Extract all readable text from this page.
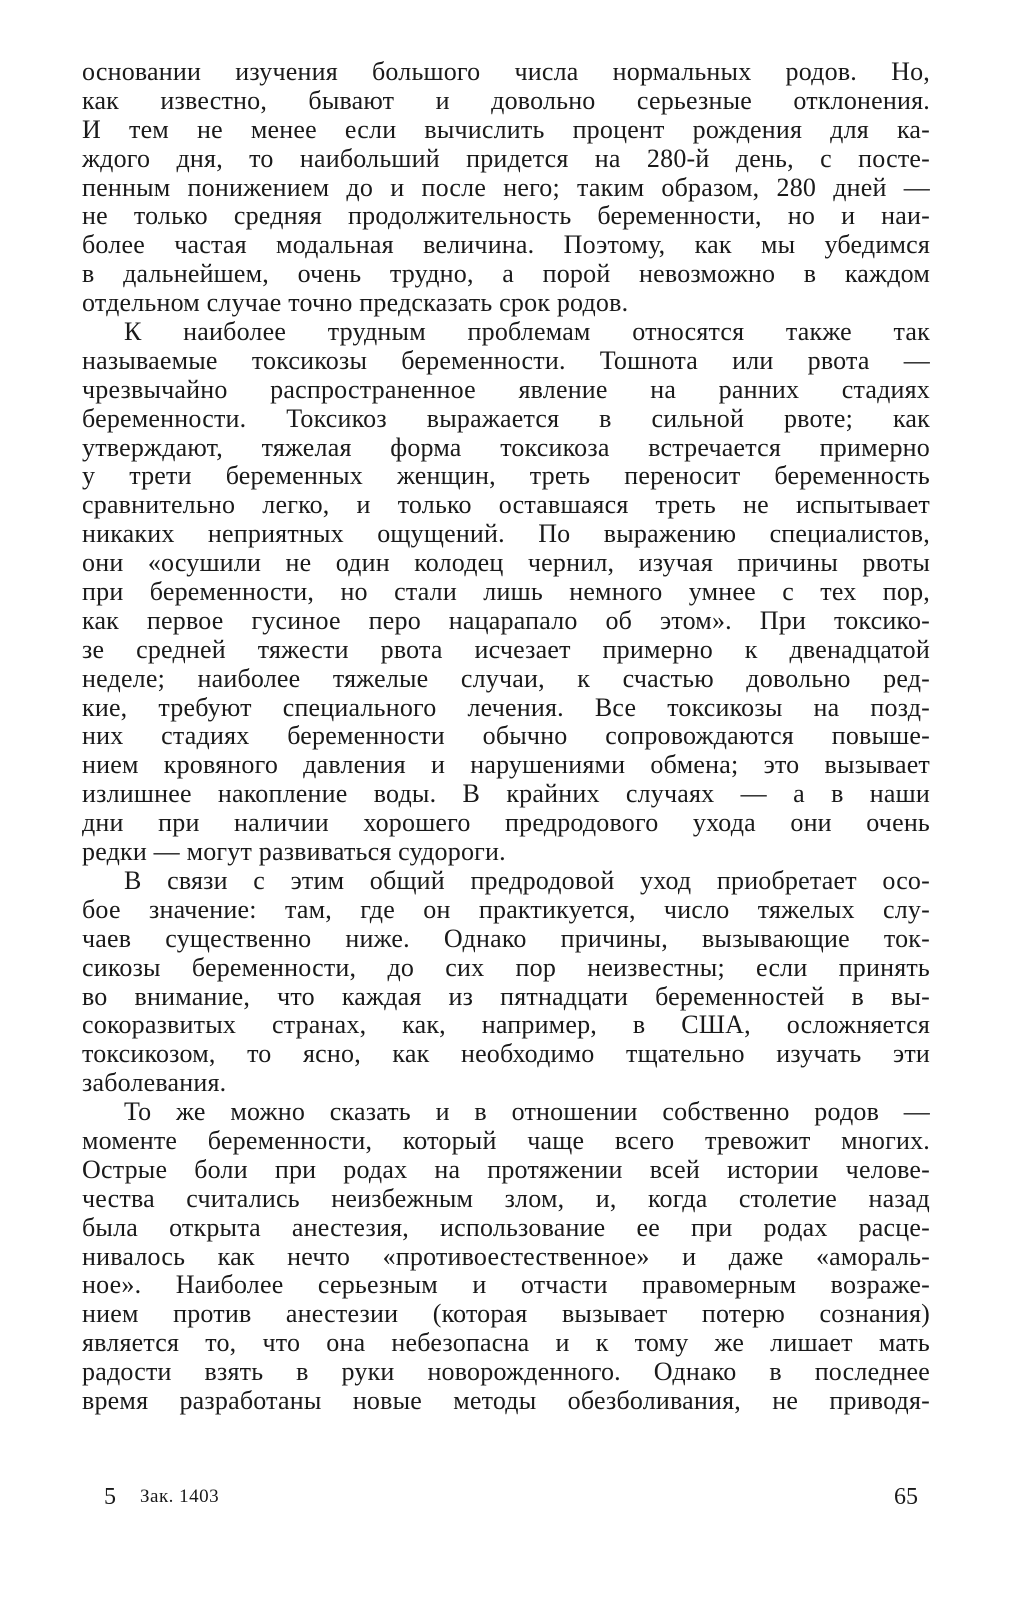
основании изучения большого числа нормальных родов. Но,
как известно, бывают и довольно серьезные отклонения.
И тем не менее если вычислить процент рождения для ка-
ждого дня, то наибольший придется на 280-й день, с посте-
пенным понижением до и после него; таким образом, 280 дней —
не только средняя продолжительность беременности, но и наи-
более частая модальная величина. Поэтому, как мы убедимся
в дальнейшем, очень трудно, а порой невозможно в каждом
отдельном случае точно предсказать срок родов.
К наиболее трудным проблемам относятся также так
называемые токсикозы беременности. Тошнота или рвота —
чрезвычайно распространенное явление на ранних стадиях
беременности. Токсикоз выражается в сильной рвоте; как
утверждают, тяжелая форма токсикоза встречается примерно
у трети беременных женщин, треть переносит беременность
сравнительно легко, и только оставшаяся треть не испытывает
никаких неприятных ощущений. По выражению специалистов,
они «осушили не один колодец чернил, изучая причины рвоты
при беременности, но стали лишь немного умнее с тех пор,
как первое гусиное перо нацарапало об этом». При токсико-
зе средней тяжести рвота исчезает примерно к двенадцатой
неделе; наиболее тяжелые случаи, к счастью довольно ред-
кие, требуют специального лечения. Все токсикозы на позд-
них стадиях беременности обычно сопровождаются повыше-
нием кровяного давления и нарушениями обмена; это вызывает
излишнее накопление воды. В крайних случаях — а в наши
дни при наличии хорошего предродового ухода они очень
редки — могут развиваться судороги.
В связи с этим общий предродовой уход приобретает осо-
бое значение: там, где он практикуется, число тяжелых слу-
чаев существенно ниже. Однако причины, вызывающие ток-
сикозы беременности, до сих пор неизвестны; если принять
во внимание, что каждая из пятнадцати беременностей в вы-
сокоразвитых странах, как, например, в США, осложняется
токсикозом, то ясно, как необходимо тщательно изучать эти
заболевания.
То же можно сказать и в отношении собственно родов —
моменте беременности, который чаще всего тревожит многих.
Острые боли при родах на протяжении всей истории челове-
чества считались неизбежным злом, и, когда столетие назад
была открыта анестезия, использование ее при родах расце-
нивалось как нечто «противоестественное» и даже «амораль-
ное». Наиболее серьезным и отчасти правомерным возраже-
нием против анестезии (которая вызывает потерю сознания)
является то, что она небезопасна и к тому же лишает мать
радости взять в руки новорожденного. Однако в последнее
время разработаны новые методы обезболивания, не приводя-
5 Зак. 1403	65
